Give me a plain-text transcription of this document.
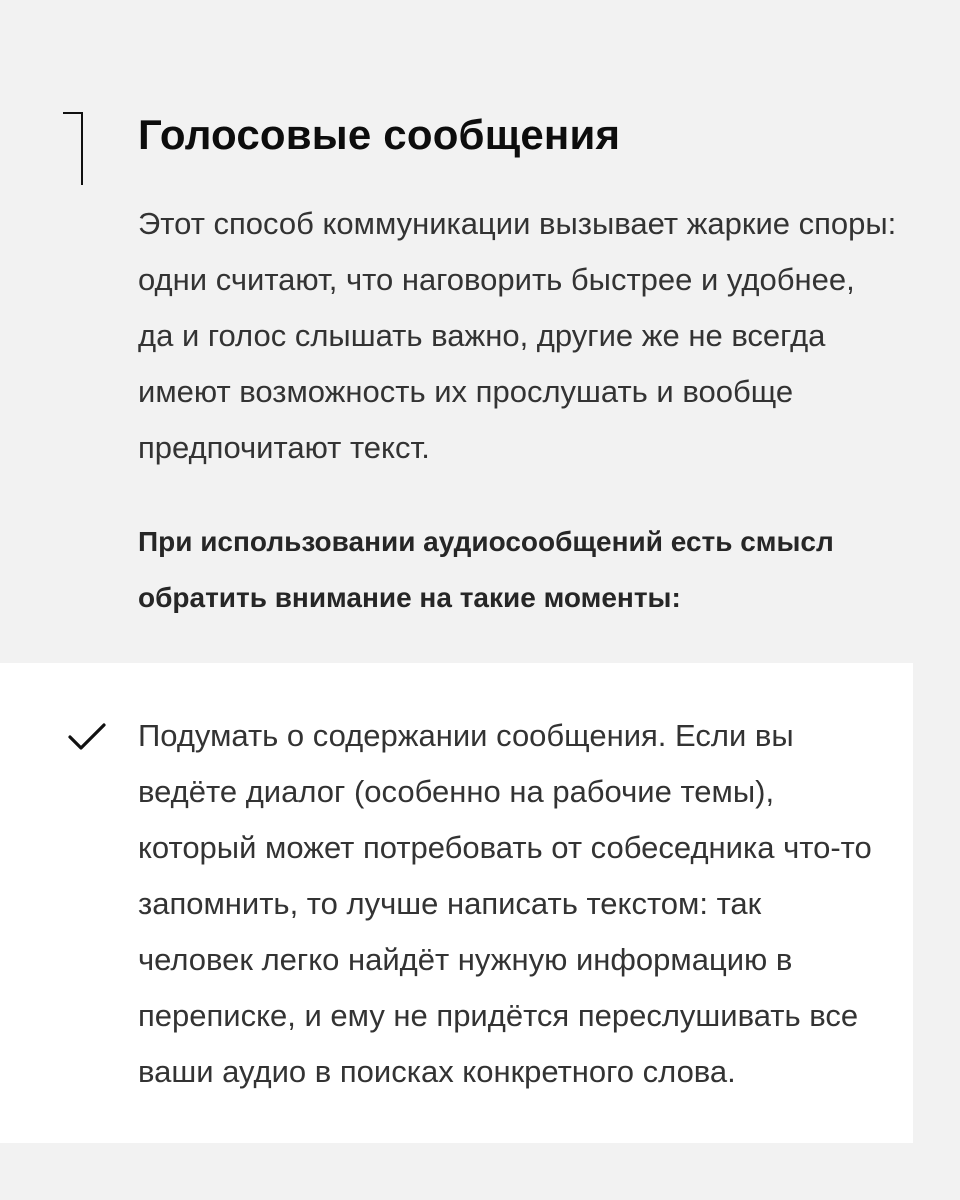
Голосовые сообщения

Этот способ коммуникации вызывает жаркие споры: одни считают, что наговорить быстрее и удобнее, да и голос слышать важно, другие же не всегда имеют возможность их прослушать и вообще предпочитают текст.

При использовании аудиосообщений есть смысл обратить внимание на такие моменты:

Подумать о содержании сообщения. Если вы ведёте диалог (особенно на рабочие темы), который может потребовать от собеседника что-то запомнить, то лучше написать текстом: так человек легко найдёт нужную информацию в переписке, и ему не придётся переслушивать все ваши аудио в поисках конкретного слова.
